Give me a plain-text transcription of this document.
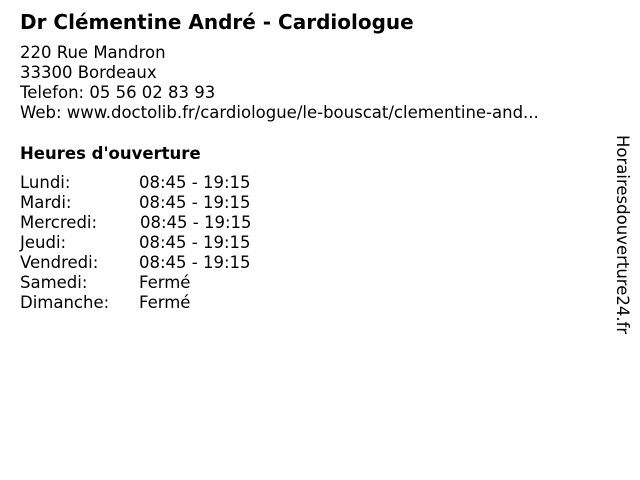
Dr Clémentine André - Cardiologue
220 Rue Mandron
33300 Bordeaux
Telefon: 05 56 02 83 93
Web: www.doctolib.fr/cardiologue/le-bouscat/clementine-and...
Heures d'ouverture
Lundi:	08:45 - 19:15
Mardi:	08:45 - 19:15
Mercredi:	08:45 - 19:15
Jeudi:	08:45 - 19:15
Vendredi: 08:45 - 19:15
Samedi:	Fermé
Dimanche: Fermé	Horairesdouverture24.fr
